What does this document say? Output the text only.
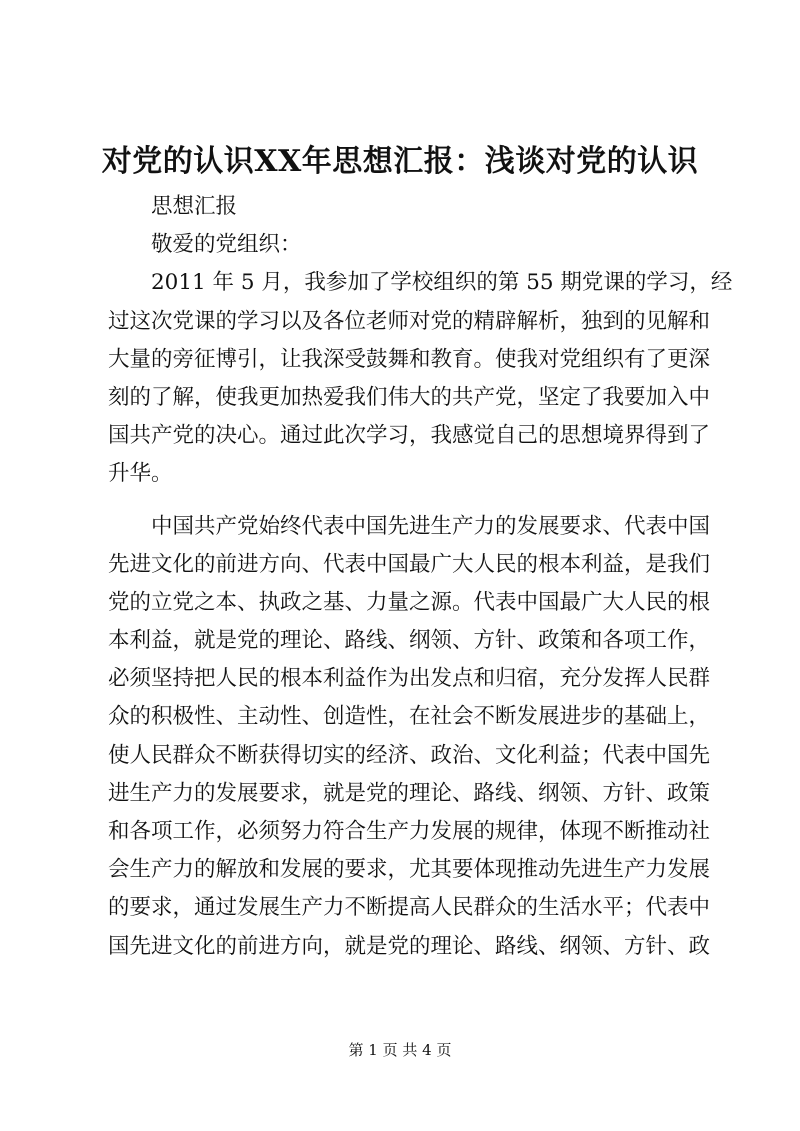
对党的认识XX年思想汇报：浅谈对党的认识
思想汇报
敬爱的党组织：
2011 年 5 月，我参加了学校组织的第 55 期党课的学习，经
过这次党课的学习以及各位老师对党的精辟解析，独到的见解和
大量的旁征博引，让我深受鼓舞和教育。使我对党组织有了更深
刻的了解，使我更加热爱我们伟大的共产党，坚定了我要加入中
国共产党的决心。通过此次学习，我感觉自己的思想境界得到了
升华。
中国共产党始终代表中国先进生产力的发展要求、代表中国
先进文化的前进方向、代表中国最广大人民的根本利益，是我们
党的立党之本、执政之基、力量之源。代表中国最广大人民的根
本利益，就是党的理论、路线、纲领、方针、政策和各项工作，
必须坚持把人民的根本利益作为出发点和归宿，充分发挥人民群
众的积极性、主动性、创造性，在社会不断发展进步的基础上，
使人民群众不断获得切实的经济、政治、文化利益；代表中国先
进生产力的发展要求，就是党的理论、路线、纲领、方针、政策
和各项工作，必须努力符合生产力发展的规律，体现不断推动社
会生产力的解放和发展的要求，尤其要体现推动先进生产力发展
的要求，通过发展生产力不断提高人民群众的生活水平；代表中
国先进文化的前进方向，就是党的理论、路线、纲领、方针、政
第 1 页 共 4 页
